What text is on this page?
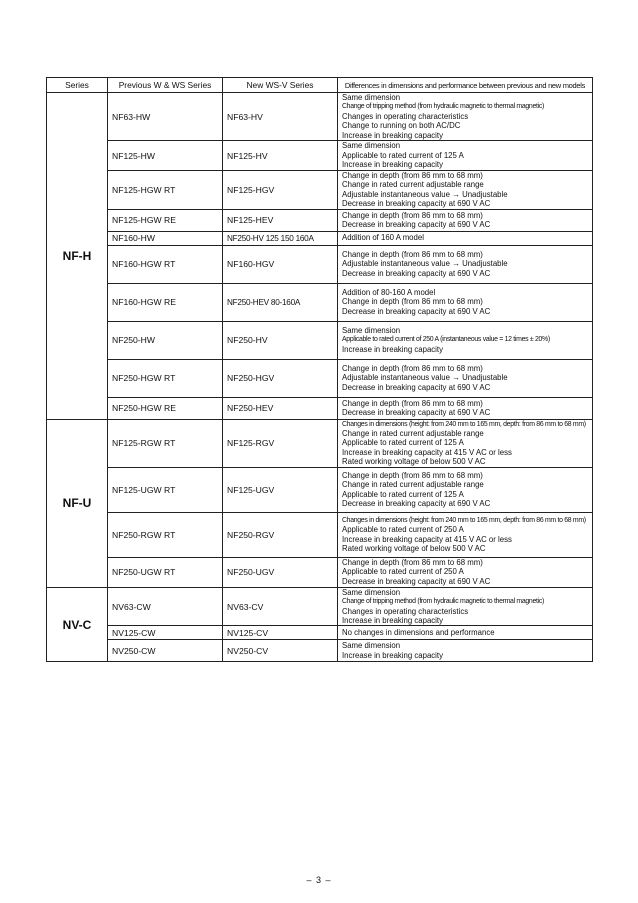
Series	Previous W & WS Series	New WS-V Series	Differences in dimensions and performance between previous and new models
NF-H	NF63-HW	NF63-HV	Same dimension
Change of tripping method (from hydraulic magnetic to thermal magnetic)
Changes in operating characteristics
Change to running on both AC/DC
Increase in breaking capacity

	NF125-HW	NF125-HV	Same dimension
Applicable to rated current of 125 A
Increase in breaking capacity

	NF125-HGW RT	NF125-HGV	Change in depth (from 86 mm to 68 mm)
Change in rated current adjustable range
Adjustable instantaneous value → Unadjustable
Decrease in breaking capacity at 690 V AC

	NF125-HGW RE	NF125-HEV	Change in depth (from 86 mm to 68 mm)
Decrease in breaking capacity at 690 V AC

	NF160-HW	NF250-HV 125 150 160A	Addition of 160 A model

	NF160-HGW RT	NF160-HGV	Change in depth (from 86 mm to 68 mm)
Adjustable instantaneous value → Unadjustable
Decrease in breaking capacity at 690 V AC

	NF160-HGW RE	NF250-HEV 80-160A	Addition of 80-160 A model
Change in depth (from 86 mm to 68 mm)
Decrease in breaking capacity at 690 V AC

	NF250-HW	NF250-HV	Same dimension
Applicable to rated current of 250 A (instantaneous value = 12 times ± 20%)
Increase in breaking capacity

	NF250-HGW RT	NF250-HGV	Change in depth (from 86 mm to 68 mm)
Adjustable instantaneous value → Unadjustable
Decrease in breaking capacity at 690 V AC

	NF250-HGW RE	NF250-HEV	Change in depth (from 86 mm to 68 mm)
Decrease in breaking capacity at 690 V AC

NF-U	NF125-RGW RT	NF125-RGV	Changes in dimensions (height: from 240 mm to 165 mm, depth: from 86 mm to 68 mm)
Change in rated current adjustable range
Applicable to rated current of 125 A
Increase in breaking capacity at 415 V AC or less
Rated working voltage of below 500 V AC

	NF125-UGW RT	NF125-UGV	Change in depth (from 86 mm to 68 mm)
Change in rated current adjustable range
Applicable to rated current of 125 A
Decrease in breaking capacity at 690 V AC

	NF250-RGW RT	NF250-RGV	Changes in dimensions (height: from 240 mm to 165 mm, depth: from 86 mm to 68 mm)
Applicable to rated current of 250 A
Increase in breaking capacity at 415 V AC or less
Rated working voltage of below 500 V AC

	NF250-UGW RT	NF250-UGV	Change in depth (from 86 mm to 68 mm)
Applicable to rated current of 250 A
Decrease in breaking capacity at 690 V AC

NV-C	NV63-CW	NV63-CV	Same dimension
Change of tripping method (from hydraulic magnetic to thermal magnetic)
Changes in operating characteristics
Increase in breaking capacity

	NV125-CW	NV125-CV	No changes in dimensions and performance

	NV250-CW	NV250-CV	Same dimension
Increase in breaking capacity
– 3 –
